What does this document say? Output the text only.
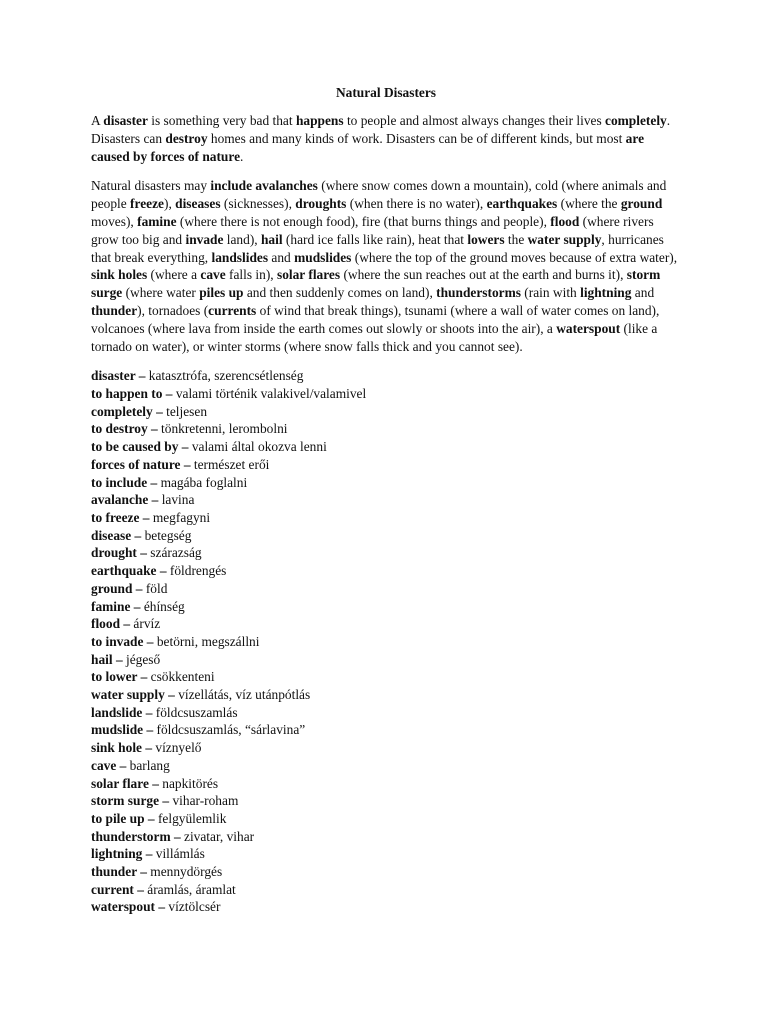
Natural Disasters

A disaster is something very bad that happens to people and almost always changes their lives completely. Disasters can destroy homes and many kinds of work. Disasters can be of different kinds, but most are caused by forces of nature.

Natural disasters may include avalanches (where snow comes down a mountain), cold (where animals and people freeze), diseases (sicknesses), droughts (when there is no water), earthquakes (where the ground moves), famine (where there is not enough food), fire (that burns things and people), flood (where rivers grow too big and invade land), hail (hard ice falls like rain), heat that lowers the water supply, hurricanes that break everything, landslides and mudslides (where the top of the ground moves because of extra water), sink holes (where a cave falls in), solar flares (where the sun reaches out at the earth and burns it), storm surge (where water piles up and then suddenly comes on land), thunderstorms (rain with lightning and thunder), tornadoes (currents of wind that break things), tsunami (where a wall of water comes on land), volcanoes (where lava from inside the earth comes out slowly or shoots into the air), a waterspout (like a tornado on water), or winter storms (where snow falls thick and you cannot see).

disaster – katasztrófa, szerencsétlenség
to happen to – valami történik valakivel/valamivel
completely – teljesen
to destroy – tönkretenni, lerombolni
to be caused by – valami által okozva lenni
forces of nature – természet erői
to include – magába foglalni
avalanche – lavina
to freeze – megfagyni
disease – betegség
drought – szárazság
earthquake – földrengés
ground – föld
famine – éhínség
flood – árvíz
to invade – betörni, megszállni
hail – jégeső
to lower – csökkenteni
water supply – vízellátás, víz utánpótlás
landslide – földcsuszamlás
mudslide – földcsuszamlás, “sárlavina”
sink hole – víznyelő
cave – barlang
solar flare – napkitörés
storm surge – vihar-roham
to pile up – felgyülemlik
thunderstorm – zivatar, vihar
lightning – villámlás
thunder – mennydörgés
current – áramlás, áramlat
waterspout – víztölcsér
